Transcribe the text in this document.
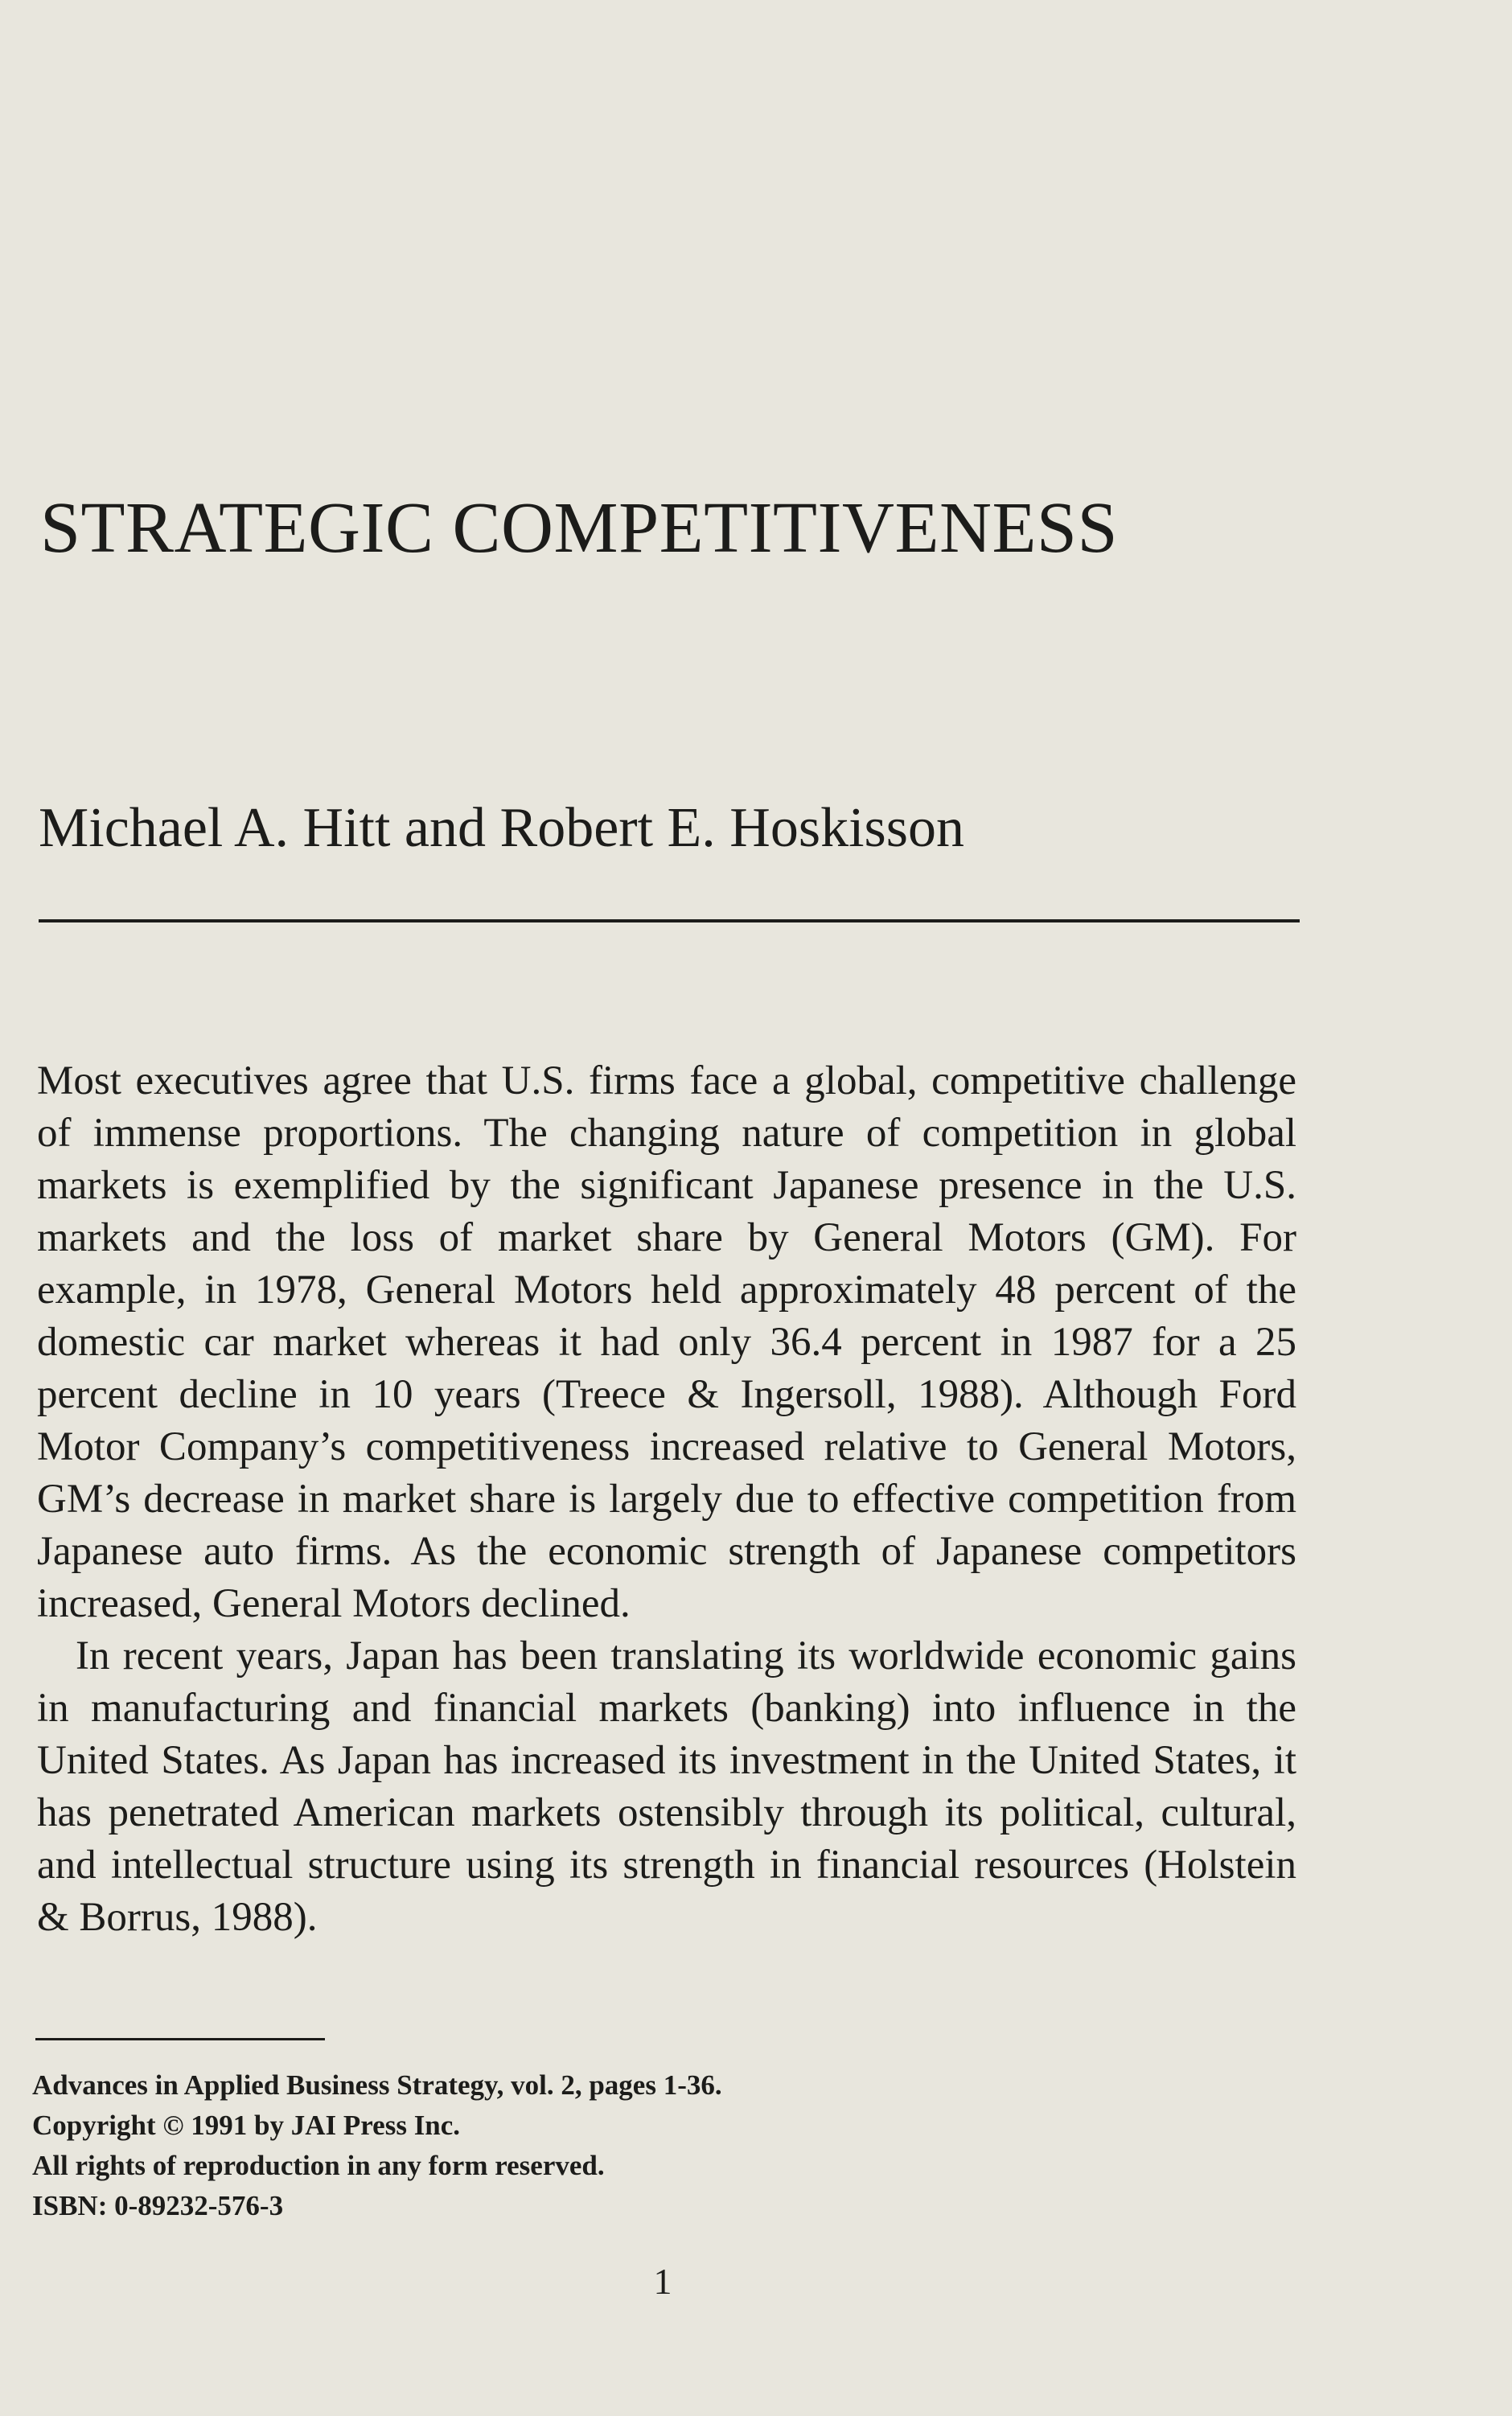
STRATEGIC COMPETITIVENESS
Michael A. Hitt and Robert E. Hoskisson

Most executives agree that U.S. firms face a global, competitive challenge of immense proportions. The changing nature of competition in global markets is exemplified by the significant Japanese presence in the U.S. markets and the loss of market share by General Motors (GM). For example, in 1978, General Motors held approximately 48 percent of the domestic car market whereas it had only 36.4 percent in 1987 for a 25 percent decline in 10 years (Treece & Ingersoll, 1988). Although Ford Motor Company’s competitiveness increased relative to General Motors, GM’s decrease in market share is largely due to effective competition from Japanese auto firms. As the economic strength of Japanese competitors increased, General Motors declined.

In recent years, Japan has been translating its worldwide economic gains in manufacturing and financial markets (banking) into influence in the United States. As Japan has increased its investment in the United States, it has penetrated American markets ostensibly through its political, cultural, and intellectual structure using its strength in financial resources (Holstein & Borrus, 1988).

Advances in Applied Business Strategy, vol. 2, pages 1-36.
Copyright © 1991 by JAI Press Inc.
All rights of reproduction in any form reserved.
ISBN: 0-89232-576-3
1
